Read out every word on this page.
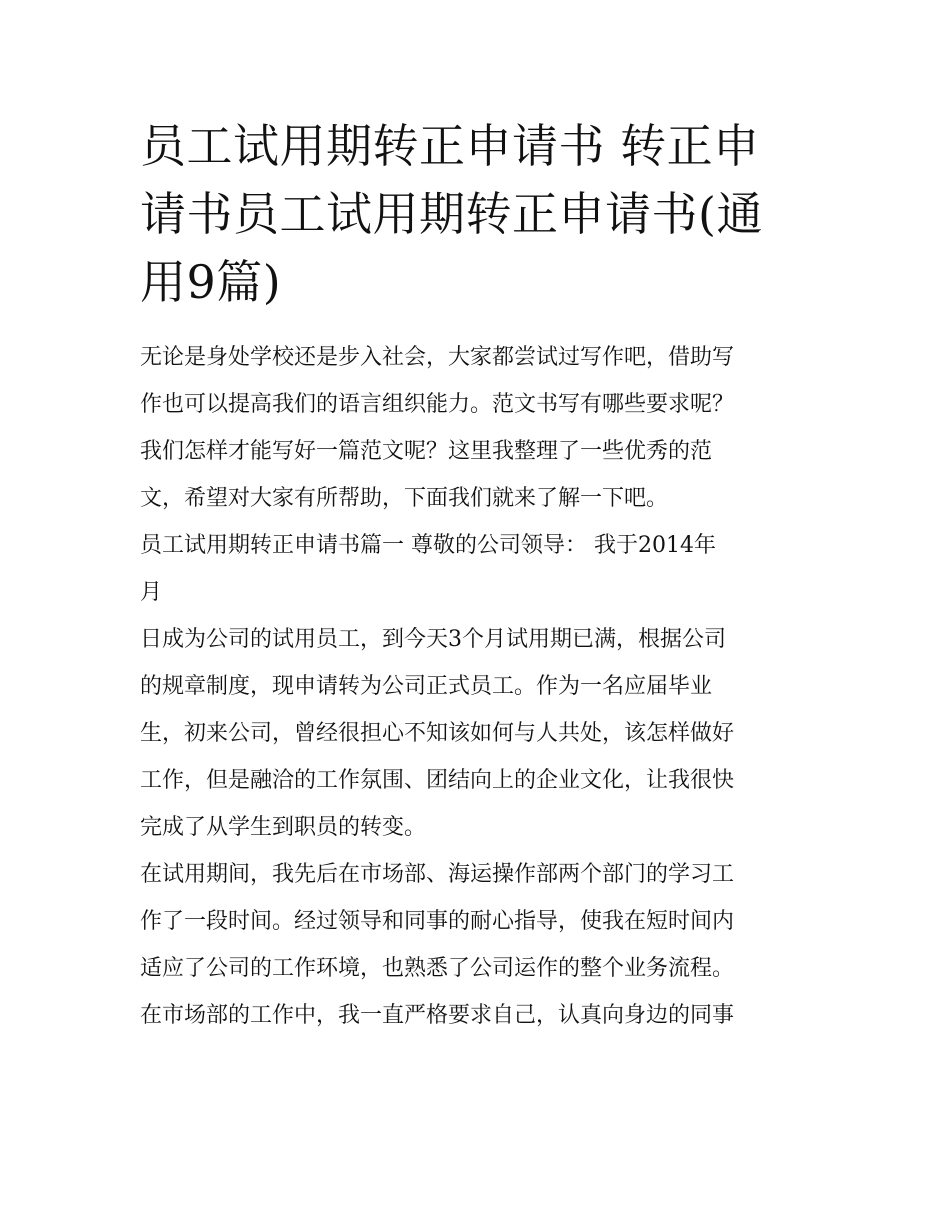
员工试用期转正申请书 转正申
请书员工试用期转正申请书(通
用9篇)

无论是身处学校还是步入社会，大家都尝试过写作吧，借助写
作也可以提高我们的语言组织能力。范文书写有哪些要求呢？
我们怎样才能写好一篇范文呢？这里我整理了一些优秀的范
文，希望对大家有所帮助，下面我们就来了解一下吧。

员工试用期转正申请书篇一 尊敬的公司领导： 我于2014年
月

日成为公司的试用员工，到今天3个月试用期已满，根据公司
的规章制度，现申请转为公司正式员工。作为一名应届毕业
生，初来公司，曾经很担心不知该如何与人共处，该怎样做好
工作，但是融洽的工作氛围、团结向上的企业文化，让我很快
完成了从学生到职员的转变。

在试用期间，我先后在市场部、海运操作部两个部门的学习工
作了一段时间。经过领导和同事的耐心指导，使我在短时间内
适应了公司的工作环境，也熟悉了公司运作的整个业务流程。
在市场部的工作中，我一直严格要求自己，认真向身边的同事
